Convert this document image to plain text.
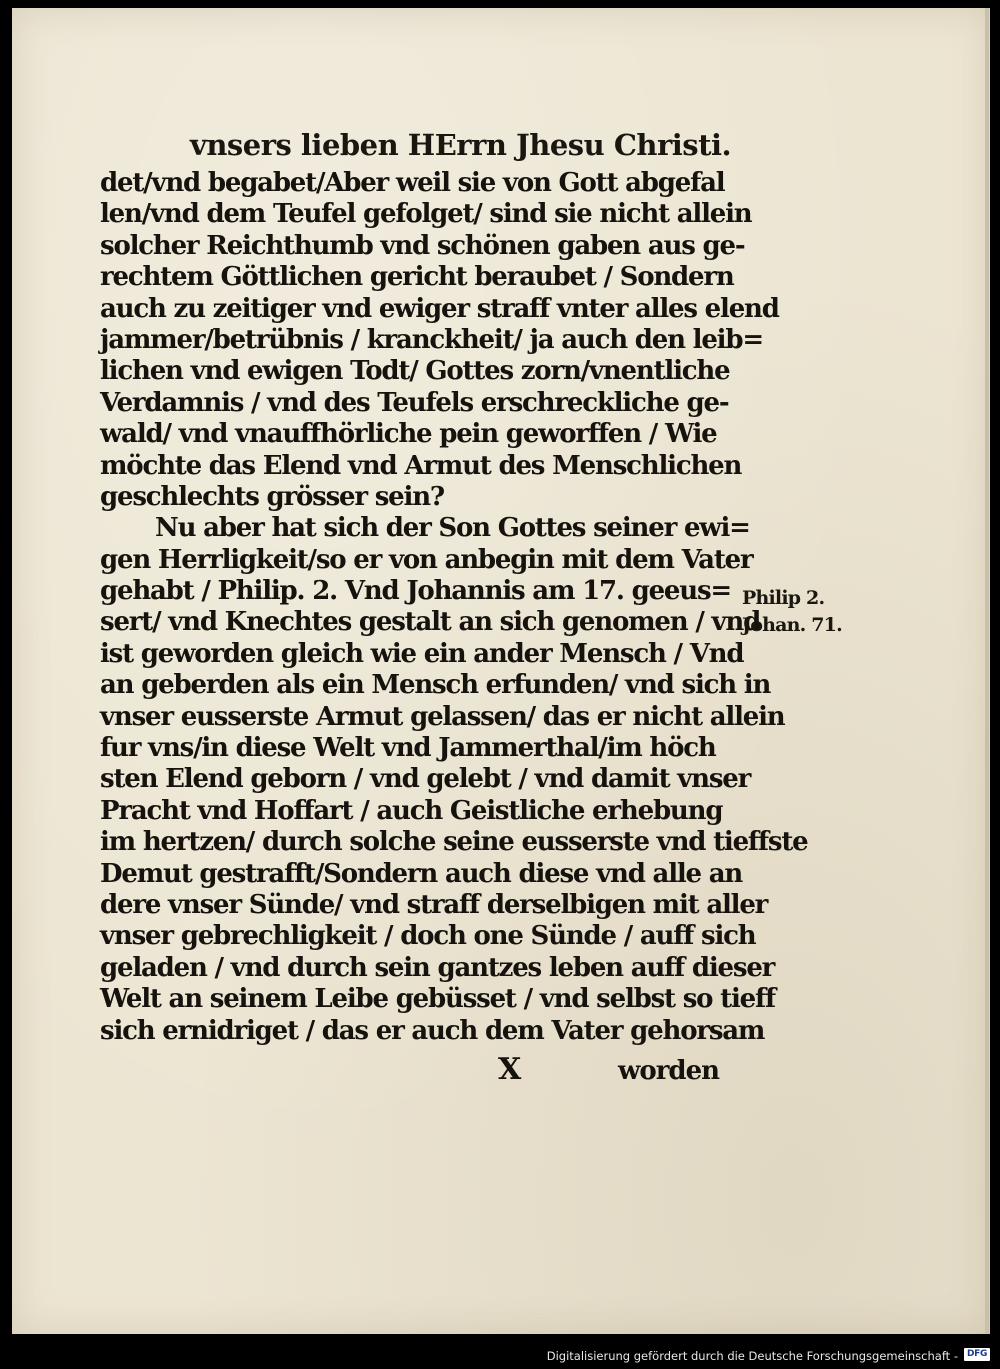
vnsers lieben HErrn Jhesu Christi.
det/vnd begabet/Aber weil sie von Gott abgefal
len/vnd dem Teufel gefolget/ sind sie nicht allein
solcher Reichthumb vnd schönen gaben aus ge-
rechtem Göttlichen gericht beraubet / Sondern
auch zu zeitiger vnd ewiger straff vnter alles elend
jammer/betrübnis / kranckheit/ ja auch den leib=
lichen vnd ewigen Todt/ Gottes zorn/vnentliche
Verdamnis / vnd des Teufels erschreckliche ge-
wald/ vnd vnauffhörliche pein geworffen / Wie
möchte das Elend vnd Armut des Menschlichen
geschlechts grösser sein?
Nu aber hat sich der Son Gottes seiner ewi=
gen Herrligkeit/so er von anbegin mit dem Vater
gehabt / Philip. 2. Vnd Johannis am 17. geeus=
sert/ vnd Knechtes gestalt an sich genomen / vnd
ist geworden gleich wie ein ander Mensch / Vnd
an geberden als ein Mensch erfunden/ vnd sich in
vnser eusserste Armut gelassen/ das er nicht allein
fur vns/in diese Welt vnd Jammerthal/im höch
sten Elend geborn / vnd gelebt / vnd damit vnser
Pracht vnd Hoffart / auch Geistliche erhebung
im hertzen/ durch solche seine eusserste vnd tieffste
Demut gestrafft/Sondern auch diese vnd alle an
dere vnser Sünde/ vnd straff derselbigen mit aller
vnser gebrechligkeit / doch one Sünde / auff sich
geladen / vnd durch sein gantzes leben auff dieser
Welt an seinem Leibe gebüsset / vnd selbst so tieff
sich ernidriget / das er auch dem Vater gehorsam
Philip 2.
Johan. 71.
X	worden
Digitalisierung gefördert durch die Deutsche Forschungsgemeinschaft - DFG
